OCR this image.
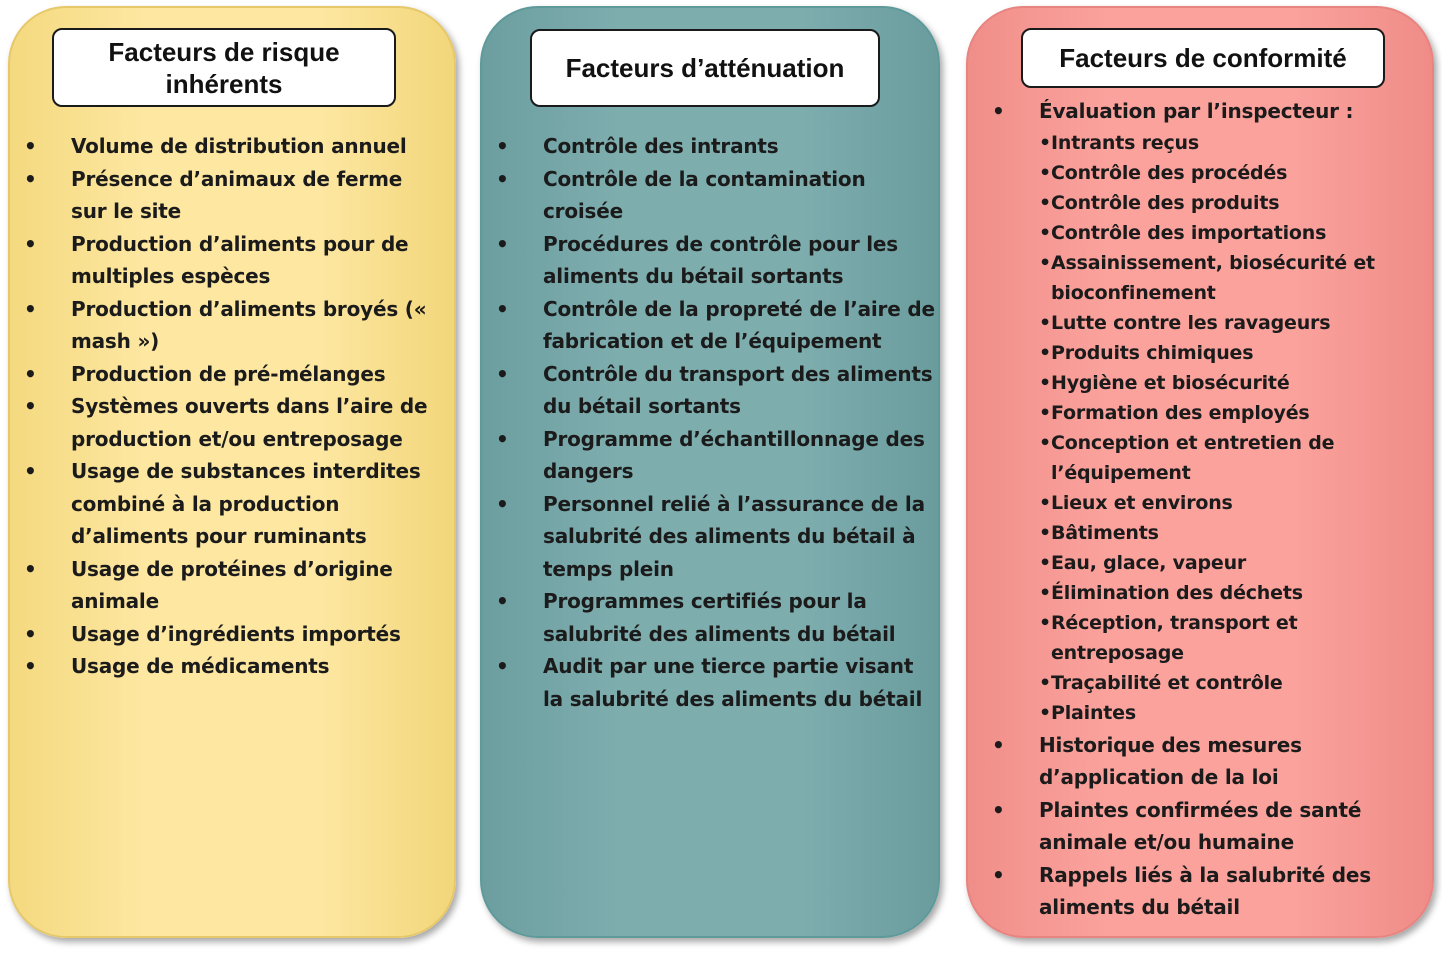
Facteurs de risque inhérents
• Volume de distribution annuel
• Présence d’animaux de ferme sur le site
• Production d’aliments pour de multiples espèces
• Production d’aliments broyés (« mash »)
• Production de pré-mélanges
• Systèmes ouverts dans l’aire de production et/ou entreposage
• Usage de substances interdites combiné à la production d’aliments pour ruminants
• Usage de protéines d’origine animale
• Usage d’ingrédients importés
• Usage de médicaments
Facteurs d’atténuation
• Contrôle des intrants
• Contrôle de la contamination croisée
• Procédures de contrôle pour les aliments du bétail sortants
• Contrôle de la propreté de l’aire de fabrication et de l’équipement
• Contrôle du transport des aliments du bétail sortants
• Programme d’échantillonnage des dangers
• Personnel relié à l’assurance de la salubrité des aliments du bétail à temps plein
• Programmes certifiés pour la salubrité des aliments du bétail
• Audit par une tierce partie visant la salubrité des aliments du bétail
Facteurs de conformité
• Évaluation par l’inspecteur :
• Intrants reçus
• Contrôle des procédés
• Contrôle des produits
• Contrôle des importations
• Assainissement, biosécurité et bioconfinement
• Lutte contre les ravageurs
• Produits chimiques
• Hygiène et biosécurité
• Formation des employés
• Conception et entretien de l’équipement
• Lieux et environs
• Bâtiments
• Eau, glace, vapeur
• Élimination des déchets
• Réception, transport et entreposage
• Traçabilité et contrôle
• Plaintes
• Historique des mesures d’application de la loi
• Plaintes confirmées de santé animale et/ou humaine
• Rappels liés à la salubrité des aliments du bétail
